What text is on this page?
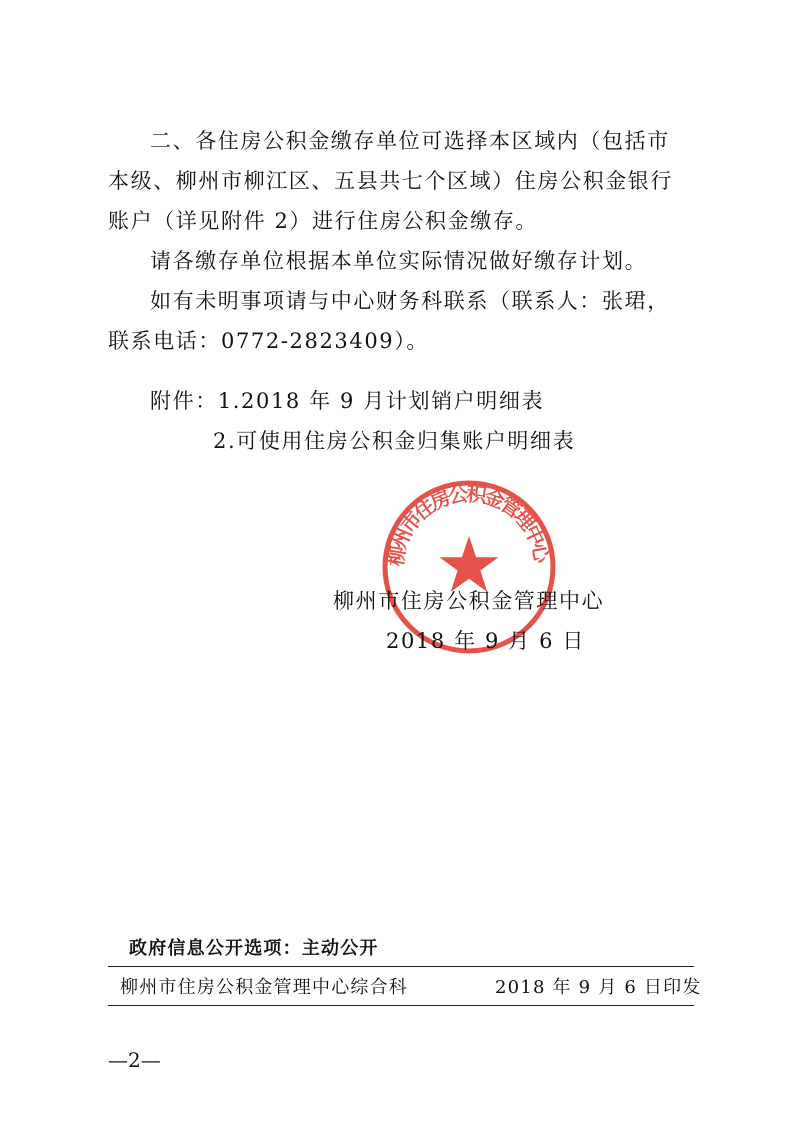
二、各住房公积金缴存单位可选择本区域内（包括市本级、柳州市柳江区、五县共七个区域）住房公积金银行账户（详见附件 2）进行住房公积金缴存。

请各缴存单位根据本单位实际情况做好缴存计划。

如有未明事项请与中心财务科联系（联系人：张珺，联系电话：0772-2823409）。

附件：1.2018 年 9 月计划销户明细表
2.可使用住房公积金归集账户明细表
柳州市住房公积金管理中心
柳州市住房公积金管理中心
2018 年 9 月 6 日
政府信息公开选项：主动公开
柳州市住房公积金管理中心综合科	2018 年 9 月 6 日印发
—2—
